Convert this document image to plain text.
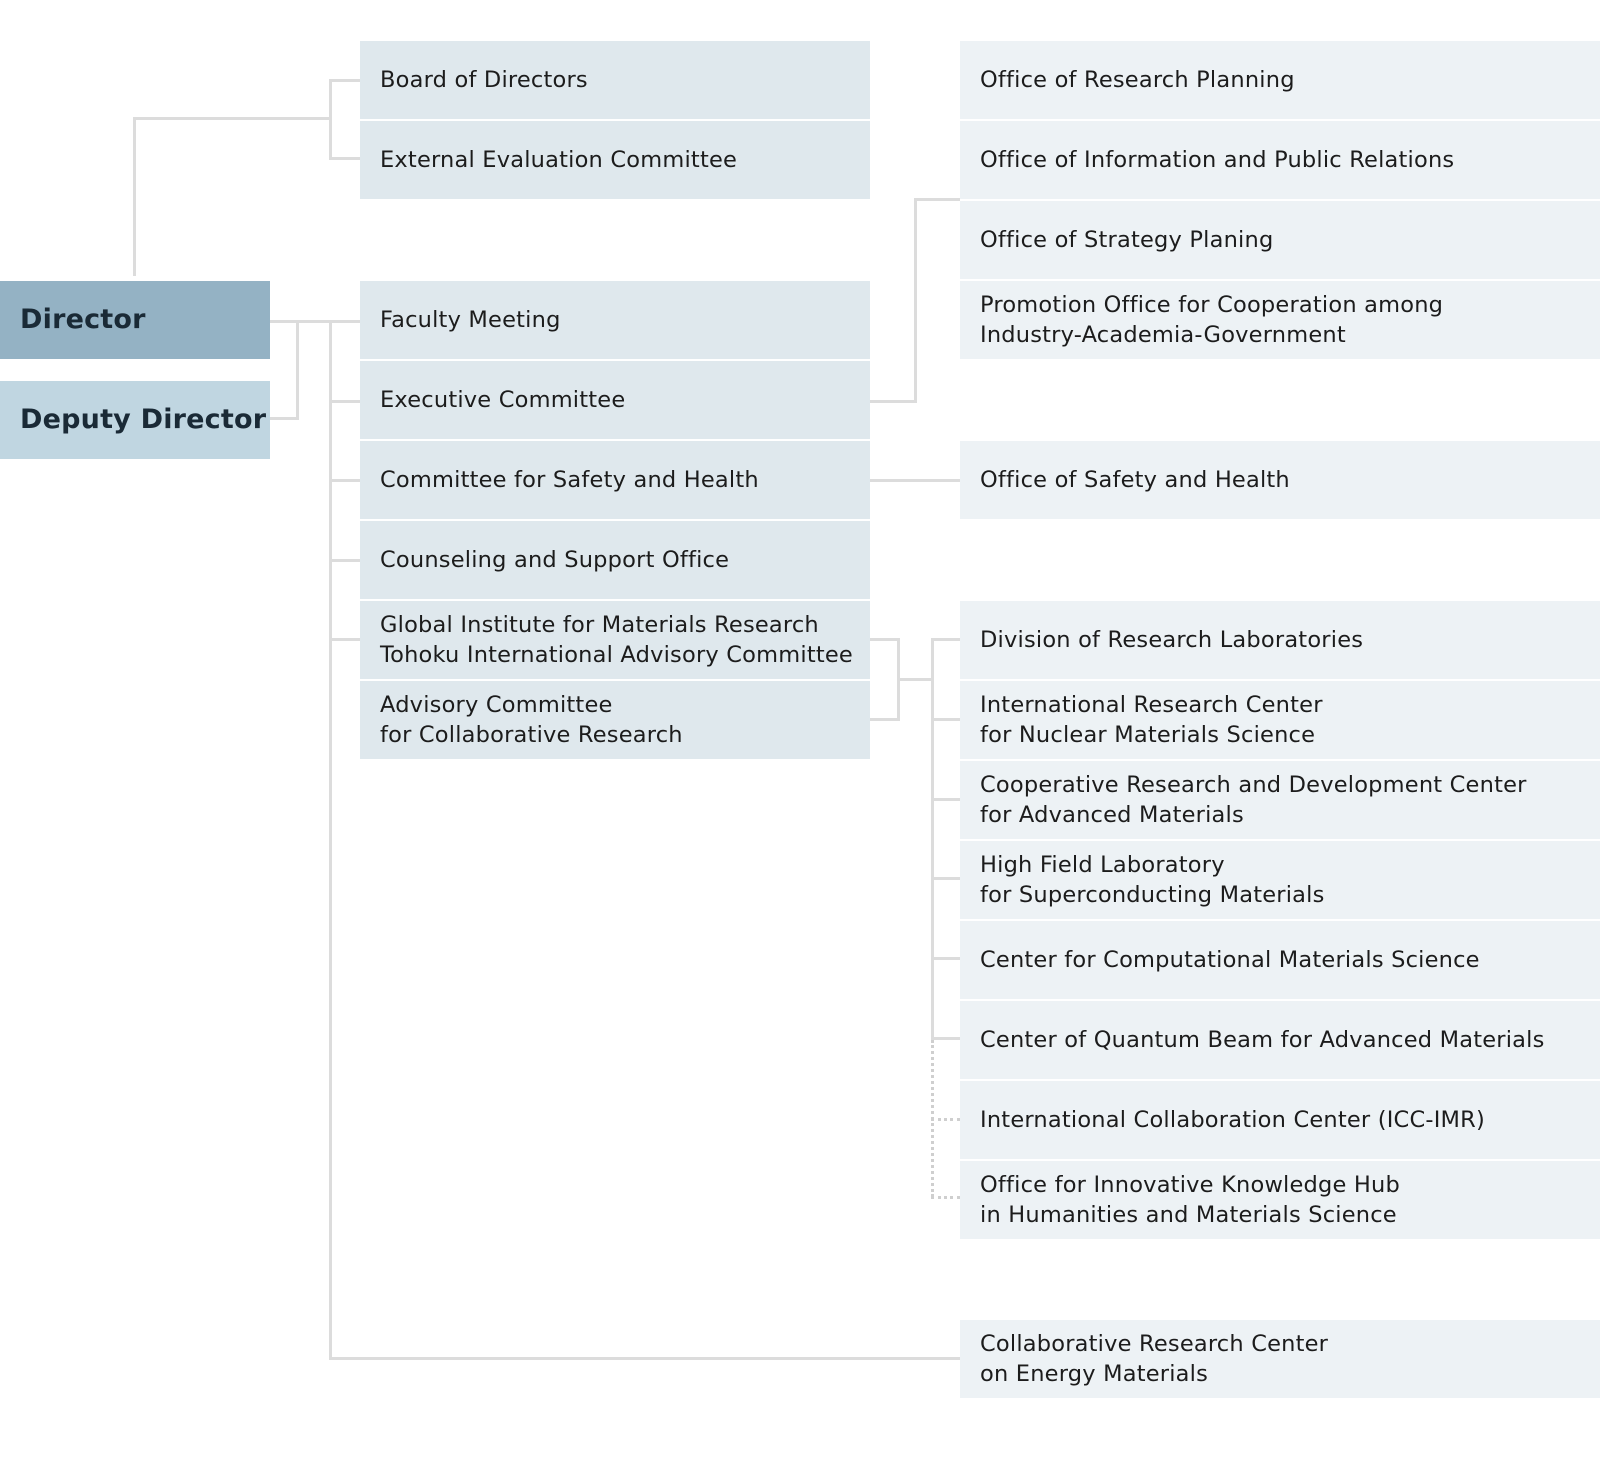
Director
Deputy Director
Board of Directors
External Evaluation Committee
Faculty Meeting
Executive Committee
Committee for Safety and Health
Counseling and Support Office
Global Institute for Materials Research
Tohoku International Advisory Committee
Advisory Committee
for Collaborative Research
Office of Research Planning
Office of Information and Public Relations
Office of Strategy Planing
Promotion Office for Cooperation among
Industry-Academia-Government
Office of Safety and Health
Division of Research Laboratories
International Research Center
for Nuclear Materials Science
Cooperative Research and Development Center
for Advanced Materials
High Field Laboratory
for Superconducting Materials
Center for Computational Materials Science
Center of Quantum Beam for Advanced Materials
International Collaboration Center (ICC-IMR)
Office for Innovative Knowledge Hub
in Humanities and Materials Science
Collaborative Research Center
on Energy Materials
